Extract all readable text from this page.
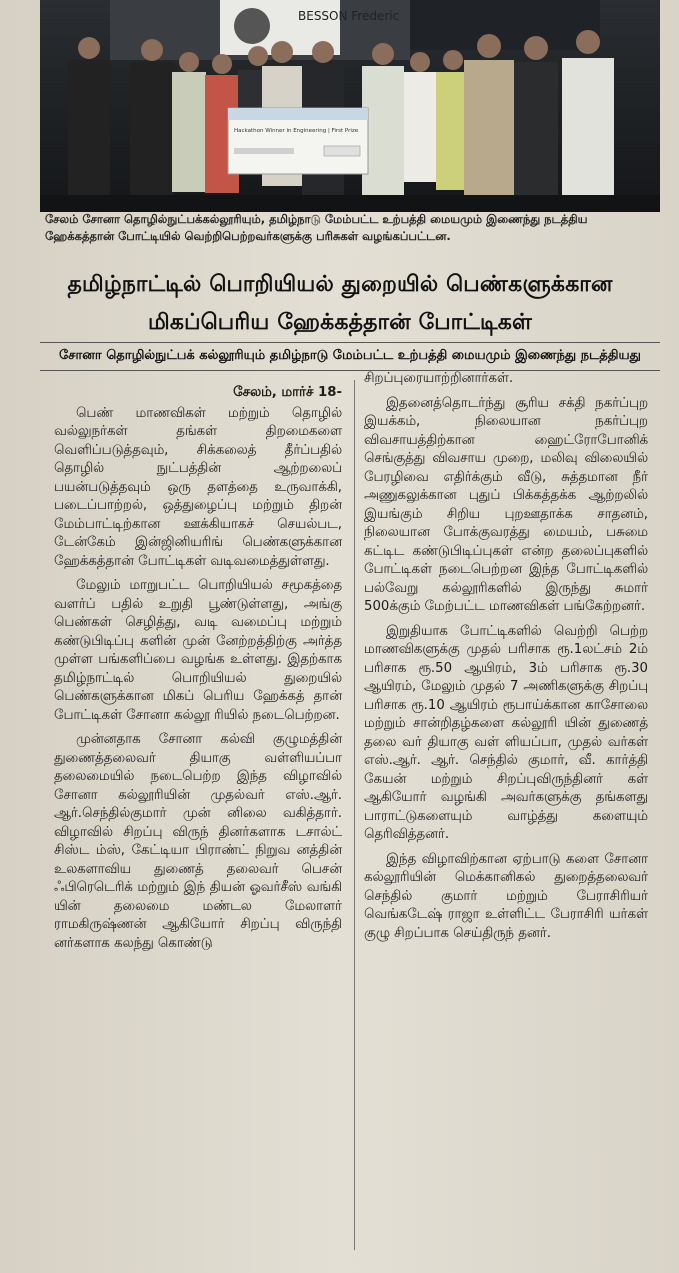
BESSON Frederic
Hackathon Winner in Engineering | First Prize
சேலம் சோனா தொழில்நுட்பக்கல்லூரியும், தமிழ்நாடு மேம்பட்ட உற்பத்தி மையமும் இணைந்து நடத்திய ஹேக்கத்தான் போட்டியில் வெற்றிபெற்றவர்களுக்கு பரிசுகள் வழங்கப்பட்டன.
தமிழ்நாட்டில் பொறியியல் துறையில் பெண்களுக்கான
மிகப்பெரிய ஹேக்கத்தான் போட்டிகள்
சோனா தொழில்நுட்பக் கல்லூரியும் தமிழ்நாடு மேம்பட்ட உற்பத்தி மையமும் இணைந்து நடத்தியது
சேலம், மார்ச் 18-

பெண் மாணவிகள் மற்றும் தொழில் வல்லுநர்கள் தங்கள் திறமைகளை வெளிப்படுத்தவும், சிக்கலைத் தீர்ப்பதில் தொழில் நுட்பத்தின் ஆற்றலைப் பயன்படுத்தவும் ஒரு தளத்தை உருவாக்கி, படைப்பாற்றல், ஒத்துழைப்பு மற்றும் திறன் மேம்பாட்டிற்கான ஊக்கியாகச் செயல்பட, டேன்கேம் இன்ஜினியரிங் பெண்களுக்கான ஹேக்கத்தான் போட்டிகள் வடிவமைத்துள்ளது.

மேலும் மாறுபட்ட பொறியியல் சமூகத்தை வளர்ப் பதில் உறுதி பூண்டுள்ளது, அங்கு பெண்கள் செழித்து, வடி வமைப்பு மற்றும் கண்டுபிடிப்பு களின் முன் னேற்றத்திற்கு அர்த்த முள்ள பங்களிப்பை வழங்க உள்ளது. இதற்காக தமிழ்நாட்டில் பொறியியல் துறையில் பெண்களுக்கான மிகப் பெரிய ஹேக்கத் தான் போட்டிகள் சோனா கல்லூ ரியில் நடைபெற்றன.

முன்னதாக சோனா கல்வி குழுமத்தின் துணைத்தலைவர் தியாகு வள்ளியப்பா தலைமையில் நடைபெற்ற இந்த விழாவில் சோனா கல்லூரியின் முதல்வர் எஸ்.ஆர். ஆர்.செந்தில்குமார் முன் னிலை வகித்தார். விழாவில் சிறப்பு விருந் தினர்களாக டசால்ட் சிஸ்ட ம்ஸ், கேட்டியா பிராண்ட் நிறுவ னத்தின் உலகளாவிய துணைத் தலைவர் பெசன் ஃபிரெடெரிக் மற்றும் இந் தியன் ஓவர்சீஸ் வங்கி யின் தலைமை மண்டல மேலாளர் ராமகிருஷ்ணன் ஆகியோர் சிறப்பு விருந்தி னர்களாக கலந்து கொண்டு

சிறப்புரையாற்றினார்கள்.

இதனைத்தொடர்ந்து சூரிய சக்தி நகர்ப்புற இயக்கம், நிலையான நகர்ப்புற விவசாயத்திற்கான ஹைட்ரோபோனிக் செங்குத்து விவசாய முறை, மலிவு விலையில் பேரழிவை எதிர்க்கும் வீடு, சுத்தமான நீர் அணுகலுக்கான புதுப் பிக்கத்தக்க ஆற்றலில் இயங்கும் சிறிய புறஊதாக்க சாதனம், நிலையான போக்குவரத்து மையம், பசுமை கட்டிட கண்டுபிடிப்புகள் என்ற தலைப்புகளில் போட்டிகள் நடைபெற்றன இந்த போட்டிகளில் பல்வேறு கல்லூரிகளில் இருந்து சுமார் 500க்கும் மேற்பட்ட மாணவிகள் பங்கேற்றனர்.

இறுதியாக போட்டிகளில் வெற்றி பெற்ற மாணவிகளுக்கு முதல் பரிசாக ரூ.1லட்சம் 2ம் பரிசாக ரூ.50 ஆயிரம், 3ம் பரிசாக ரூ.30 ஆயிரம், மேலும் முதல் 7 அணிகளுக்கு சிறப்பு பரிசாக ரூ.10 ஆயிரம் ரூபாய்க்கான காசோலை மற்றும் சான்றிதழ்களை கல்லூரி யின் துணைத் தலை வர் தியாகு வள் ளியப்பா, முதல் வர்கள் எஸ்.ஆர். ஆர். செந்தில் குமார், வீ. கார்த்தி கேயன் மற்றும் சிறப்புவிருந்தினர் கள் ஆகியோர் வழங்கி அவர்களுக்கு தங்களது பாராட்டுகளையும் வாழ்த்து களையும் தெரிவித்தனர்.

இந்த விழாவிற்கான ஏற்பாடு களை சோனா கல்லூரியின் மெக்கானிகல் துறைத்தலைவர் செந்தில் குமார் மற்றும் பேராசிரியர் வெங்கடேஷ் ராஜா உள்ளிட்ட பேராசிரி யர்கள் குழு சிறப்பாக செய்திருந் தனர்.
